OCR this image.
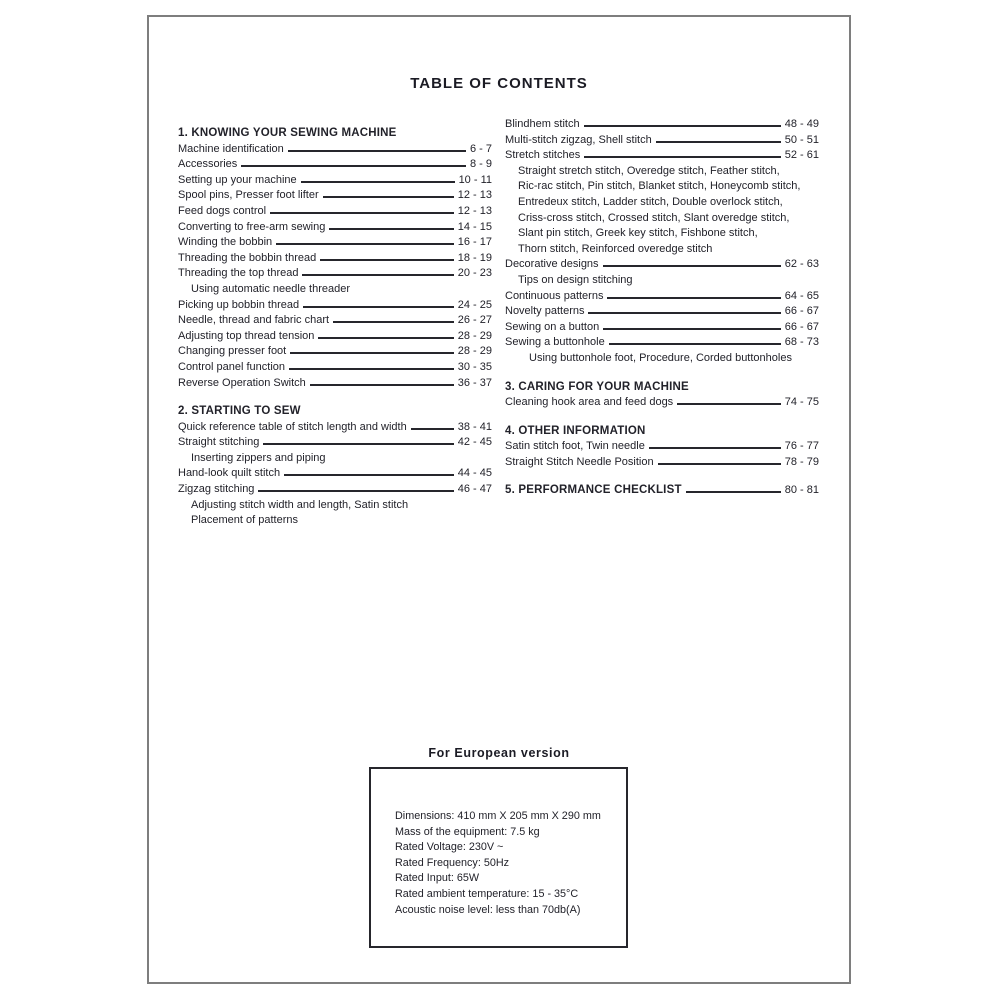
TABLE OF CONTENTS
1. KNOWING YOUR SEWING MACHINE
Machine identification	6 - 7
Accessories	8 - 9
Setting up your machine	10 - 11
Spool pins, Presser foot lifter	12 - 13
Feed dogs control	12 - 13
Converting to free-arm sewing	14 - 15
Winding the bobbin	16 - 17
Threading the bobbin thread	18 - 19
Threading the top thread	20 - 23
Using automatic needle threader
Picking up bobbin thread	24 - 25
Needle, thread and fabric chart	26 - 27
Adjusting top thread tension	28 - 29
Changing presser foot	28 - 29
Control panel function	30 - 35
Reverse Operation Switch	36 - 37
2. STARTING TO SEW
Quick reference table of stitch length and width	38 - 41
Straight stitching	42 - 45
Inserting zippers and piping
Hand-look quilt stitch	44 - 45
Zigzag stitching	46 - 47
Adjusting stitch width and length, Satin stitch
Placement of patterns
Blindhem stitch	48 - 49
Multi-stitch zigzag, Shell stitch	50 - 51
Stretch stitches	52 - 61
Straight stretch stitch, Overedge stitch, Feather stitch,
Ric-rac stitch, Pin stitch, Blanket stitch, Honeycomb stitch,
Entredeux stitch, Ladder stitch, Double overlock stitch,
Criss-cross stitch, Crossed stitch, Slant overedge stitch,
Slant pin stitch, Greek key stitch, Fishbone stitch,
Thorn stitch, Reinforced overedge stitch
Decorative designs	62 - 63
Tips on design stitching
Continuous patterns	64 - 65
Novelty patterns	66 - 67
Sewing on a button	66 - 67
Sewing a buttonhole	68 - 73
Using buttonhole foot, Procedure, Corded buttonholes
3. CARING FOR YOUR MACHINE
Cleaning hook area and feed dogs	74 - 75
4. OTHER INFORMATION
Satin stitch foot, Twin needle	76 - 77
Straight Stitch Needle Position	78 - 79
5. PERFORMANCE CHECKLIST	80 - 81
For European version
Dimensions: 410 mm X 205 mm X 290 mm
Mass of the equipment: 7.5 kg
Rated Voltage: 230V ~
Rated Frequency: 50Hz
Rated Input: 65W
Rated ambient temperature: 15 - 35°C
Acoustic noise level: less than 70db(A)
